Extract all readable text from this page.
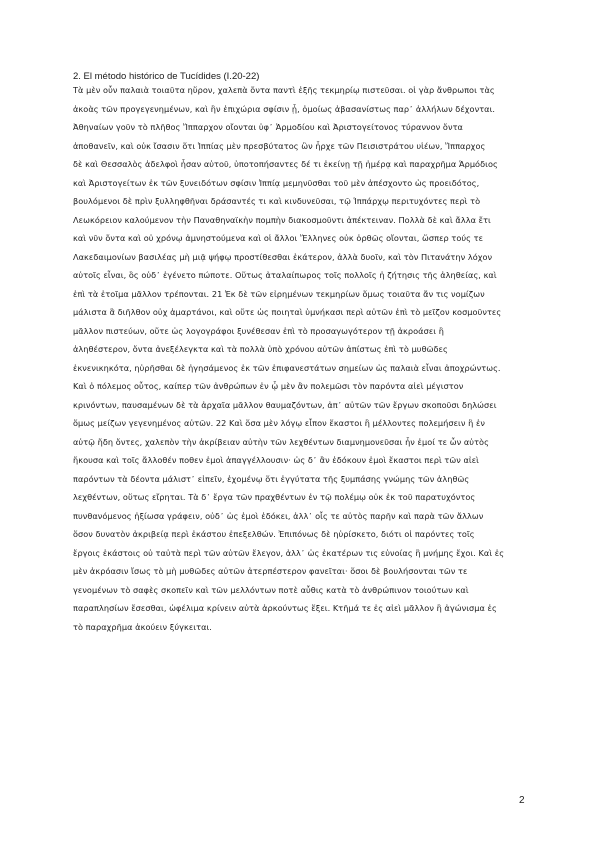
2. El método histórico de Tucídides (I.20-22)
Τὰ μὲν οὖν παλαιὰ τοιαῦτα ηὕρον, χαλεπὰ ὄντα παντὶ ἑξῆς τεκμηρίῳ πιστεῦσαι. οἱ γὰρ ἄνθρωποι τὰς
ἀκοὰς τῶν προγεγενημένων, καὶ ἢν ἐπιχώρια σφίσιν ᾖ, ὁμοίως ἀβασανίστως παρ᾽ ἀλλήλων δέχονται.
Ἀθηναίων γοῦν τὸ πλῆθος Ἵππαρχον οἴονται ὑφ᾽ Ἁρμοδίου καὶ Ἀριστογείτονος τύραννον ὄντα
ἀποθανεῖν, καὶ οὐκ ἴσασιν ὅτι Ἱππίας μὲν πρεσβύτατος ὢν ἦρχε τῶν Πεισιστράτου υἱέων, Ἵππαρχος
δὲ καὶ Θεσσαλὸς ἀδελφοὶ ἦσαν αὐτοῦ, ὑποτοπήσαντες δέ τι ἐκείνῃ τῇ ἡμέρᾳ καὶ παραχρῆμα Ἁρμόδιος
καὶ Ἀριστογείτων ἐκ τῶν ξυνειδότων σφίσιν Ἱππίᾳ μεμηνῦσθαι τοῦ μὲν ἀπέσχοντο ὡς προειδότος,
βουλόμενοι δὲ πρὶν ξυλληφθῆναι δράσαντές τι καὶ κινδυνεῦσαι, τῷ Ἱππάρχῳ περιτυχόντες περὶ τὸ
Λεωκόρειον καλούμενον τὴν Παναθηναϊκὴν πομπὴν διακοσμοῦντι ἀπέκτειναν. Πολλὰ δὲ καὶ ἄλλα ἔτι
καὶ νῦν ὄντα καὶ οὐ χρόνῳ ἀμνηστούμενα καὶ οἱ ἄλλοι Ἕλληνες οὐκ ὀρθῶς οἴονται, ὥσπερ τούς τε
Λακεδαιμονίων βασιλέας μὴ μιᾷ ψήφῳ προστίθεσθαι ἑκάτερον, ἀλλὰ δυοῖν, καὶ τὸν Πιτανάτην λόχον
αὐτοῖς εἶναι, ὃς οὐδ᾽ ἐγένετο πώποτε. Οὕτως ἀταλαίπωρος τοῖς πολλοῖς ἡ ζήτησις τῆς ἀληθείας, καὶ
ἐπὶ τὰ ἑτοῖμα μᾶλλον τρέπονται. 21 Ἐκ δὲ τῶν εἰρημένων τεκμηρίων ὅμως τοιαῦτα ἄν τις νομίζων
μάλιστα ἃ διῆλθον οὐχ ἁμαρτάνοι, καὶ οὔτε ὡς ποιηταὶ ὑμνήκασι περὶ αὐτῶν ἐπὶ τὸ μεῖζον κοσμοῦντες
μᾶλλον πιστεύων, οὔτε ὡς λογογράφοι ξυνέθεσαν ἐπὶ τὸ προσαγωγότερον τῇ ἀκροάσει ἢ
ἀληθέστερον, ὄντα ἀνεξέλεγκτα καὶ τὰ πολλὰ ὑπὸ χρόνου αὐτῶν ἀπίστως ἐπὶ τὸ μυθῶδες
ἐκνενικηκότα, ηὑρῆσθαι δὲ ἡγησάμενος ἐκ τῶν ἐπιφανεστάτων σημείων ὡς παλαιὰ εἶναι ἀποχρώντως.
Καὶ ὁ πόλεμος οὗτος, καίπερ τῶν ἀνθρώπων ἐν ᾧ μὲν ἂν πολεμῶσι τὸν παρόντα αἰεὶ μέγιστον
κρινόντων, παυσαμένων δὲ τὰ ἀρχαῖα μᾶλλον θαυμαζόντων, ἀπ᾽ αὐτῶν τῶν ἔργων σκοποῦσι δηλώσει
ὅμως μείζων γεγενημένος αὐτῶν. 22 Καὶ ὅσα μὲν λόγῳ εἶπον ἕκαστοι ἢ μέλλοντες πολεμήσειν ἢ ἐν
αὐτῷ ἤδη ὄντες, χαλεπὸν τὴν ἀκρίβειαν αὐτὴν τῶν λεχθέντων διαμνημονεῦσαι ἦν ἐμοί τε ὧν αὐτὸς
ἤκουσα καὶ τοῖς ἄλλοθέν ποθεν ἐμοὶ ἀπαγγέλλουσιν· ὡς δ᾽ ἂν ἐδόκουν ἐμοὶ ἕκαστοι περὶ τῶν αἰεὶ
παρόντων τὰ δέοντα μάλιστ᾽ εἰπεῖν, ἐχομένῳ ὅτι ἐγγύτατα τῆς ξυμπάσης γνώμης τῶν ἀληθῶς
λεχθέντων, οὕτως εἴρηται. Τὰ δ᾽ ἔργα τῶν πραχθέντων ἐν τῷ πολέμῳ οὐκ ἐκ τοῦ παρατυχόντος
πυνθανόμενος ἠξίωσα γράφειν, οὐδ᾽ ὡς ἐμοὶ ἐδόκει, ἀλλ᾽ οἷς τε αὐτὸς παρῆν καὶ παρὰ τῶν ἄλλων
ὅσον δυνατὸν ἀκριβείᾳ περὶ ἑκάστου ἐπεξελθών. Ἐπιπόνως δὲ ηὑρίσκετο, διότι οἱ παρόντες τοῖς
ἔργοις ἑκάστοις οὐ ταὐτὰ περὶ τῶν αὐτῶν ἔλεγον, ἀλλ᾽ ὡς ἑκατέρων τις εὐνοίας ἢ μνήμης ἔχοι. Καὶ ἐς
μὲν ἀκρόασιν ἴσως τὸ μὴ μυθῶδες αὐτῶν ἀτερπέστερον φανεῖται· ὅσοι δὲ βουλήσονται τῶν τε
γενομένων τὸ σαφὲς σκοπεῖν καὶ τῶν μελλόντων ποτὲ αὖθις κατὰ τὸ ἀνθρώπινον τοιούτων καὶ
παραπλησίων ἔσεσθαι, ὠφέλιμα κρίνειν αὐτὰ ἀρκούντως ἕξει. Κτῆμά τε ἐς αἰεὶ μᾶλλον ἢ ἀγώνισμα ἐς
τὸ παραχρῆμα ἀκούειν ξύγκειται.
2
